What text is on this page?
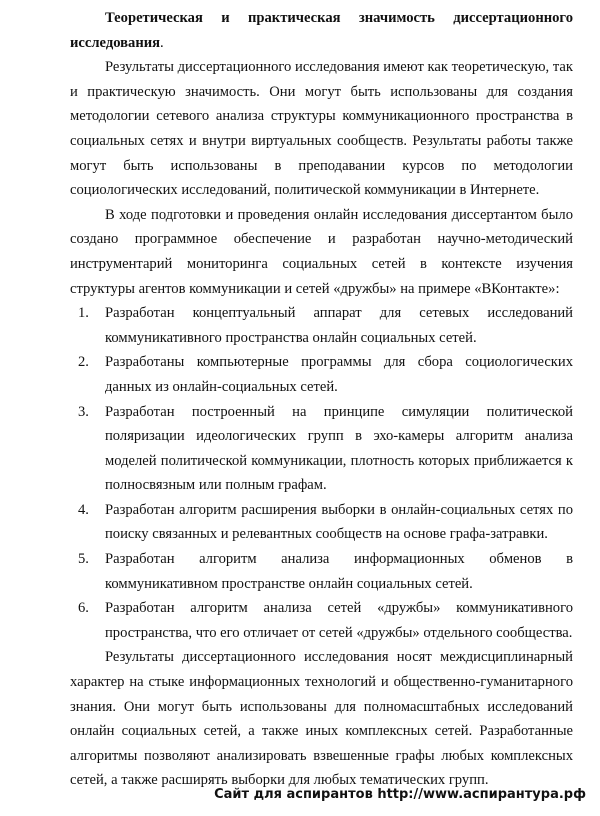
Теоретическая и практическая значимость диссертационного исследования.

Результаты диссертационного исследования имеют как теоретическую, так и практическую значимость. Они могут быть использованы для создания методологии сетевого анализа структуры коммуникационного пространства в социальных сетях и внутри виртуальных сообществ. Результаты работы также могут быть использованы в преподавании курсов по методологии социологических исследований, политической коммуникации в Интернете.

В ходе подготовки и проведения онлайн исследования диссертантом было создано программное обеспечение и разработан научно-методический инструментарий мониторинга социальных сетей в контексте изучения структуры агентов коммуникации и сетей «дружбы» на примере «ВКонтакте»:

1. Разработан концептуальный аппарат для сетевых исследований коммуникативного пространства онлайн социальных сетей.
2. Разработаны компьютерные программы для сбора социологических данных из онлайн-социальных сетей.
3. Разработан построенный на принципе симуляции политической поляризации идеологических групп в эхо-камеры алгоритм анализа моделей политической коммуникации, плотность которых приближается к полносвязным или полным графам.
4. Разработан алгоритм расширения выборки в онлайн-социальных сетях по поиску связанных и релевантных сообществ на основе графа-затравки.
5. Разработан алгоритм анализа информационных обменов в коммуникативном пространстве онлайн социальных сетей.
6. Разработан алгоритм анализа сетей «дружбы» коммуникативного пространства, что его отличает от сетей «дружбы» отдельного сообщества.

Результаты диссертационного исследования носят междисциплинарный характер на стыке информационных технологий и общественно-гуманитарного знания. Они могут быть использованы для полномасштабных исследований онлайн социальных сетей, а также иных комплексных сетей. Разработанные алгоритмы позволяют анализировать взвешенные графы любых комплексных сетей, а также расширять выборки для любых тематических групп.

Сайт для аспирантов http://www.аспирантура.рф
